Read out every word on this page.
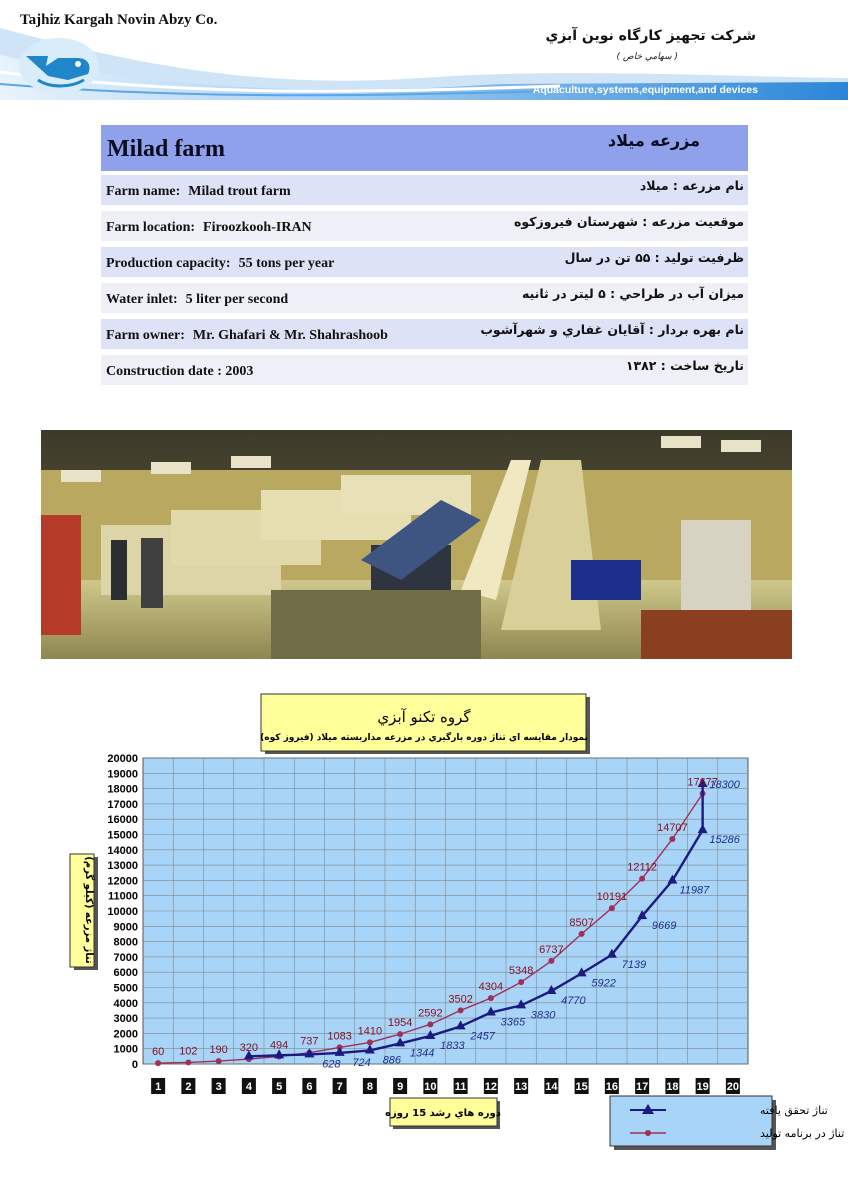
Tajhiz Kargah Novin Abzy Co.
شركت تجهيز كارگاه نوين آبزي
( سهامي خاص )
Aquaculture,systems,equipment,and devices
Milad farm	مزرعه ميلاد
Farm name: Milad trout farm	نام مزرعه : ميلاد
Farm location: Firoozkooh-IRAN	موقعيت مزرعه : شهرستان فيروزكوه
Production capacity: 55 tons per year	ظرفيت توليد : ۵۵ تن در سال
Water inlet: 5 liter per second	ميزان آب در طراحي : ۵ ليتر در ثانيه
Farm owner: Mr. Ghafari & Mr. Shahrashoob	نام بهره بردار : آقايان غفاري و شهرآشوب
Construction date : 2003	تاريخ ساخت : ۱۳۸۲
گروه تكنو آبزي
نمودار مقايسه اي تناژ دوره بارگيري در مزرعه مداربسته ميلاد (فيروز كوه)
0
1000
2000
3000
4000
5000
6000
7000
8000
9000
10000
11000
12000
13000
14000
15000
16000
17000
18000
19000
20000
1 2 3 4 5 6 7 8 9 10 11 12 13 14 15 16 17 18 19 20
60 102 190 320 494 737 1083 1410
1954
2592
3502
4304
5348
6737
8507
10191
12112
14707
17677
628 724 886
1344
1833
2457
3365
3830
4770
5922
7139
9669
11987
15286
18300
تناژ مزرعه (كيلو گرم)
دوره هاي رشد 15 روزه	تناژ تحقق يافته
تناژ در برنامه توليد
